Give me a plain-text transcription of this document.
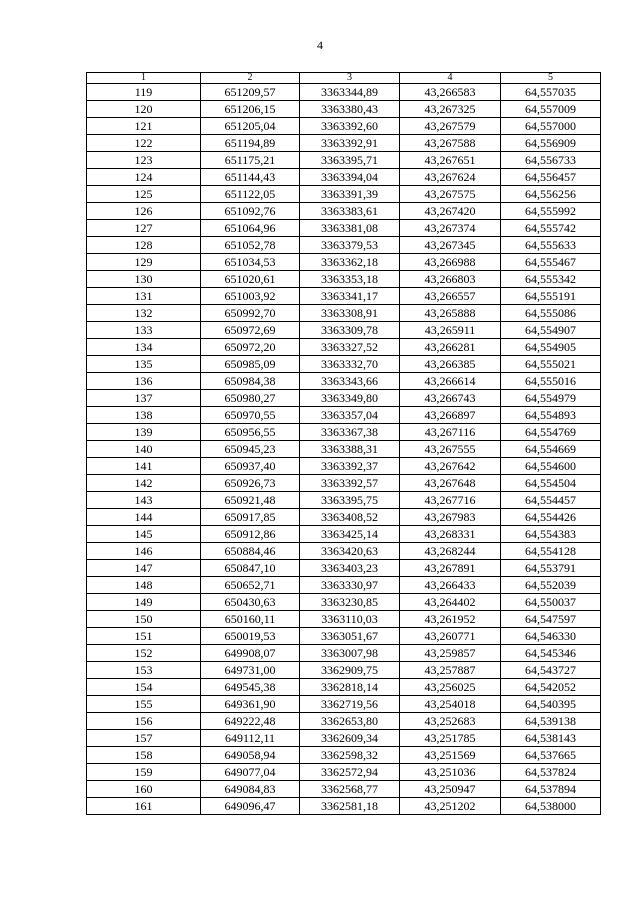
4
1	2	3	4	5
119	651209,57	3363344,89	43,266583	64,557035
120	651206,15	3363380,43	43,267325	64,557009
121	651205,04	3363392,60	43,267579	64,557000
122	651194,89	3363392,91	43,267588	64,556909
123	651175,21	3363395,71	43,267651	64,556733
124	651144,43	3363394,04	43,267624	64,556457
125	651122,05	3363391,39	43,267575	64,556256
126	651092,76	3363383,61	43,267420	64,555992
127	651064,96	3363381,08	43,267374	64,555742
128	651052,78	3363379,53	43,267345	64,555633
129	651034,53	3363362,18	43,266988	64,555467
130	651020,61	3363353,18	43,266803	64,555342
131	651003,92	3363341,17	43,266557	64,555191
132	650992,70	3363308,91	43,265888	64,555086
133	650972,69	3363309,78	43,265911	64,554907
134	650972,20	3363327,52	43,266281	64,554905
135	650985,09	3363332,70	43,266385	64,555021
136	650984,38	3363343,66	43,266614	64,555016
137	650980,27	3363349,80	43,266743	64,554979
138	650970,55	3363357,04	43,266897	64,554893
139	650956,55	3363367,38	43,267116	64,554769
140	650945,23	3363388,31	43,267555	64,554669
141	650937,40	3363392,37	43,267642	64,554600
142	650926,73	3363392,57	43,267648	64,554504
143	650921,48	3363395,75	43,267716	64,554457
144	650917,85	3363408,52	43,267983	64,554426
145	650912,86	3363425,14	43,268331	64,554383
146	650884,46	3363420,63	43,268244	64,554128
147	650847,10	3363403,23	43,267891	64,553791
148	650652,71	3363330,97	43,266433	64,552039
149	650430,63	3363230,85	43,264402	64,550037
150	650160,11	3363110,03	43,261952	64,547597
151	650019,53	3363051,67	43,260771	64,546330
152	649908,07	3363007,98	43,259857	64,545346
153	649731,00	3362909,75	43,257887	64,543727
154	649545,38	3362818,14	43,256025	64,542052
155	649361,90	3362719,56	43,254018	64,540395
156	649222,48	3362653,80	43,252683	64,539138
157	649112,11	3362609,34	43,251785	64,538143
158	649058,94	3362598,32	43,251569	64,537665
159	649077,04	3362572,94	43,251036	64,537824
160	649084,83	3362568,77	43,250947	64,537894
161	649096,47	3362581,18	43,251202	64,538000
